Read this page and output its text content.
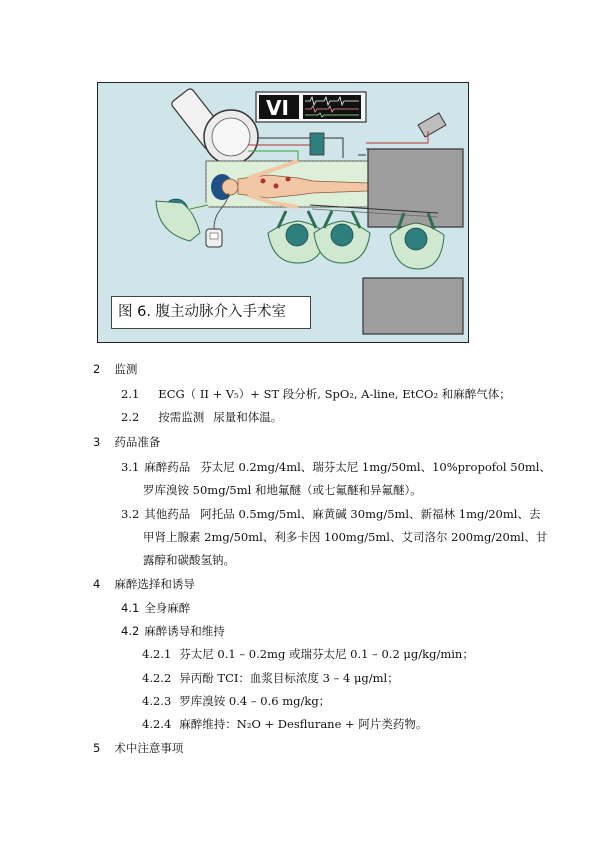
VI
图 6. 腹主动脉介入手术室
2 监测
2.1 ECG（ II + V₅）+ ST 段分析, SpO₂, A-line, EtCO₂ 和麻醉气体；
2.2 按需监测 尿量和体温。
3 药品准备
3.1 麻醉药品 芬太尼 0.2mg/4ml、瑞芬太尼 1mg/50ml、10%propofol 50ml、
罗库溴铵 50mg/5ml 和地氟醚（或七氟醚和异氟醚）。
3.2 其他药品 阿托品 0.5mg/5ml、麻黄碱 30mg/5ml、新福林 1mg/20ml、去
甲肾上腺素 2mg/50ml、利多卡因 100mg/5ml、艾司洛尔 200mg/20ml、甘
露醇和碳酸氢钠。
4 麻醉选择和诱导
4.1 全身麻醉
4.2 麻醉诱导和维持
4.2.1 芬太尼 0.1 – 0.2mg 或瑞芬太尼 0.1 – 0.2 μg/kg/min；
4.2.2 异丙酚 TCI：血浆目标浓度 3 – 4 μg/ml；
4.2.3 罗库溴铵 0.4 – 0.6 mg/kg；
4.2.4 麻醉维持：N₂O + Desflurane + 阿片类药物。
5 术中注意事项
